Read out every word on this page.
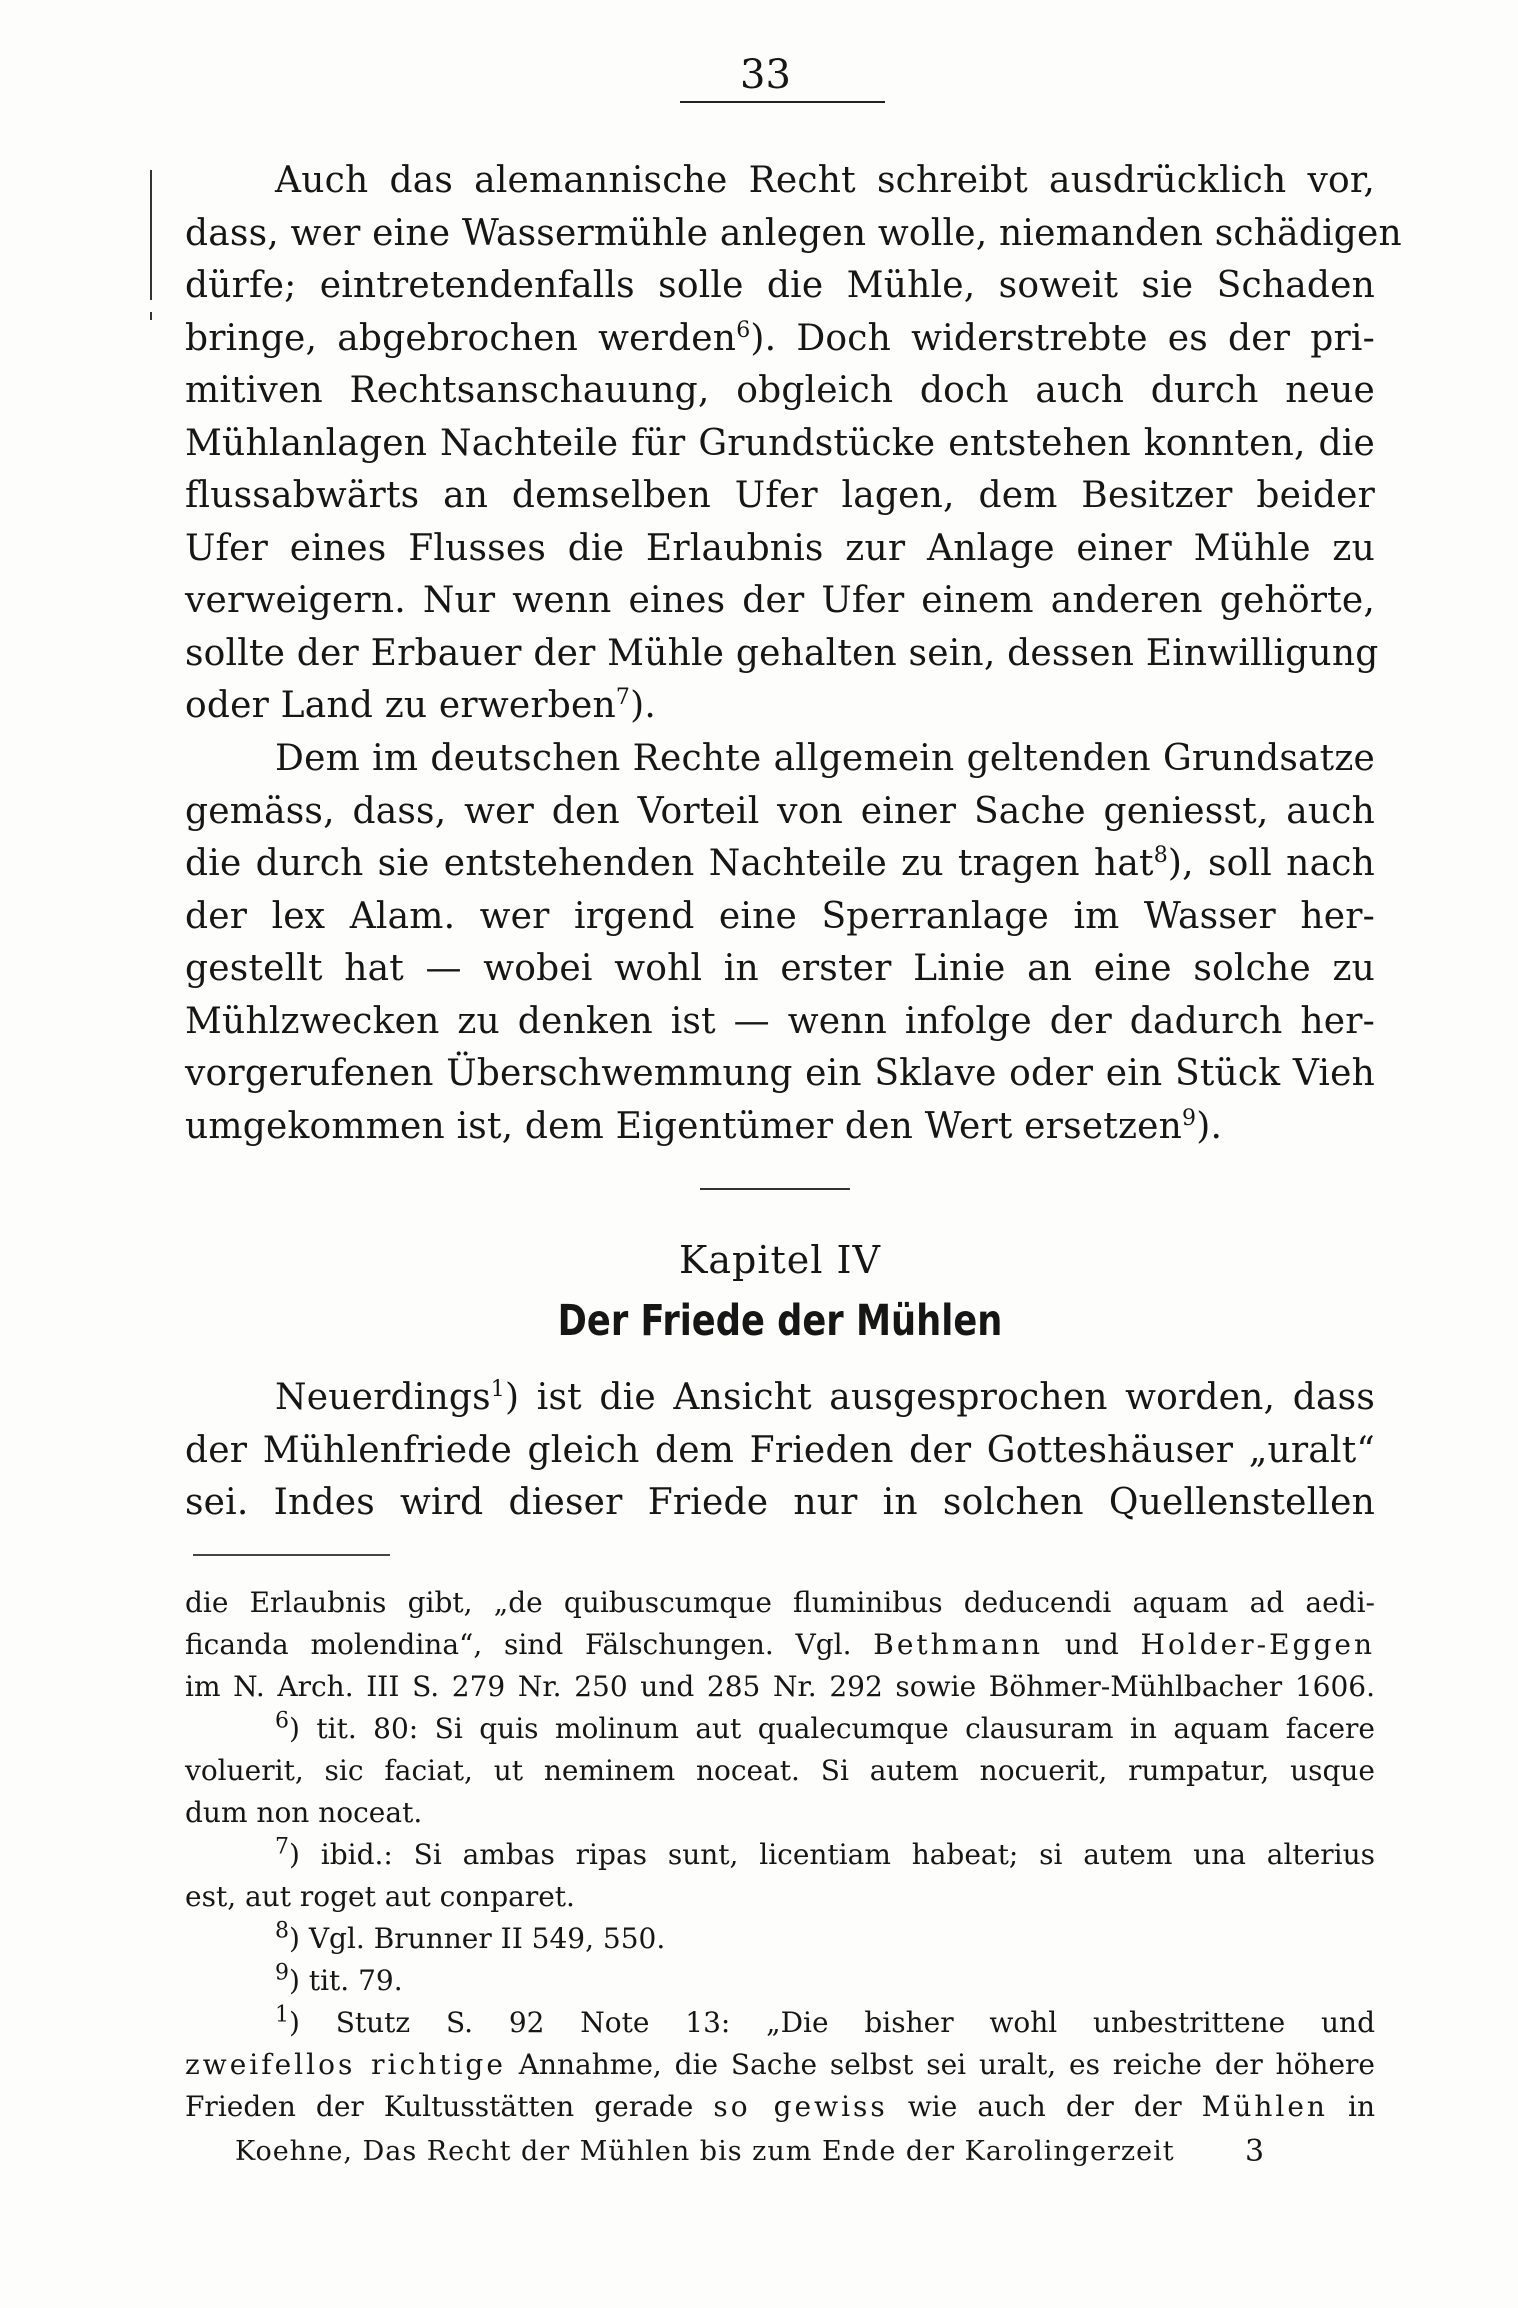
33
Auch das alemannische Recht schreibt ausdrücklich vor,
dass, wer eine Wassermühle anlegen wolle, niemanden schädigen
dürfe; eintretendenfalls solle die Mühle, soweit sie Schaden
bringe, abgebrochen werden$^6$). Doch widerstrebte es der pri-
mitiven Rechtsanschauung, obgleich doch auch durch neue
Mühlanlagen Nachteile für Grundstücke entstehen konnten, die
flussabwärts an demselben Ufer lagen, dem Besitzer beider
Ufer eines Flusses die Erlaubnis zur Anlage einer Mühle zu
verweigern. Nur wenn eines der Ufer einem anderen gehörte,
sollte der Erbauer der Mühle gehalten sein, dessen Einwilligung
oder Land zu erwerben$^7$).
Dem im deutschen Rechte allgemein geltenden Grundsatze
gemäss, dass, wer den Vorteil von einer Sache geniesst, auch
die durch sie entstehenden Nachteile zu tragen hat$^8$), soll nach
der lex Alam. wer irgend eine Sperranlage im Wasser her-
gestellt hat — wobei wohl in erster Linie an eine solche zu
Mühlzwecken zu denken ist — wenn infolge der dadurch her-
vorgerufenen Überschwemmung ein Sklave oder ein Stück Vieh
umgekommen ist, dem Eigentümer den Wert ersetzen$^9$).
Kapitel IV
Der Friede der Mühlen
Neuerdings$^1$) ist die Ansicht ausgesprochen worden, dass
der Mühlenfriede gleich dem Frieden der Gotteshäuser „uralt“
sei. Indes wird dieser Friede nur in solchen Quellenstellen
die Erlaubnis gibt, „de quibuscumque fluminibus deducendi aquam ad aedi-
ficanda molendina“, sind Fälschungen. Vgl. Bethmann und Holder-Eggen
im N. Arch. III S. 279 Nr. 250 und 285 Nr. 292 sowie Böhmer-Mühlbacher 1606.
$^6$) tit. 80: Si quis molinum aut qualecumque clausuram in aquam facere
voluerit, sic faciat, ut neminem noceat. Si autem nocuerit, rumpatur, usque
dum non noceat.
$^7$) ibid.: Si ambas ripas sunt, licentiam habeat; si autem una alterius
est, aut roget aut conparet.
$^8$) Vgl. Brunner II 549, 550.
$^9$) tit. 79.
$^1$) Stutz S. 92 Note 13: „Die bisher wohl unbestrittene und
zweifellos richtige Annahme, die Sache selbst sei uralt, es reiche der höhere
Frieden der Kultusstätten gerade so gewiss wie auch der der Mühlen in
Koehne, Das Recht der Mühlen bis zum Ende der Karolingerzeit 3
